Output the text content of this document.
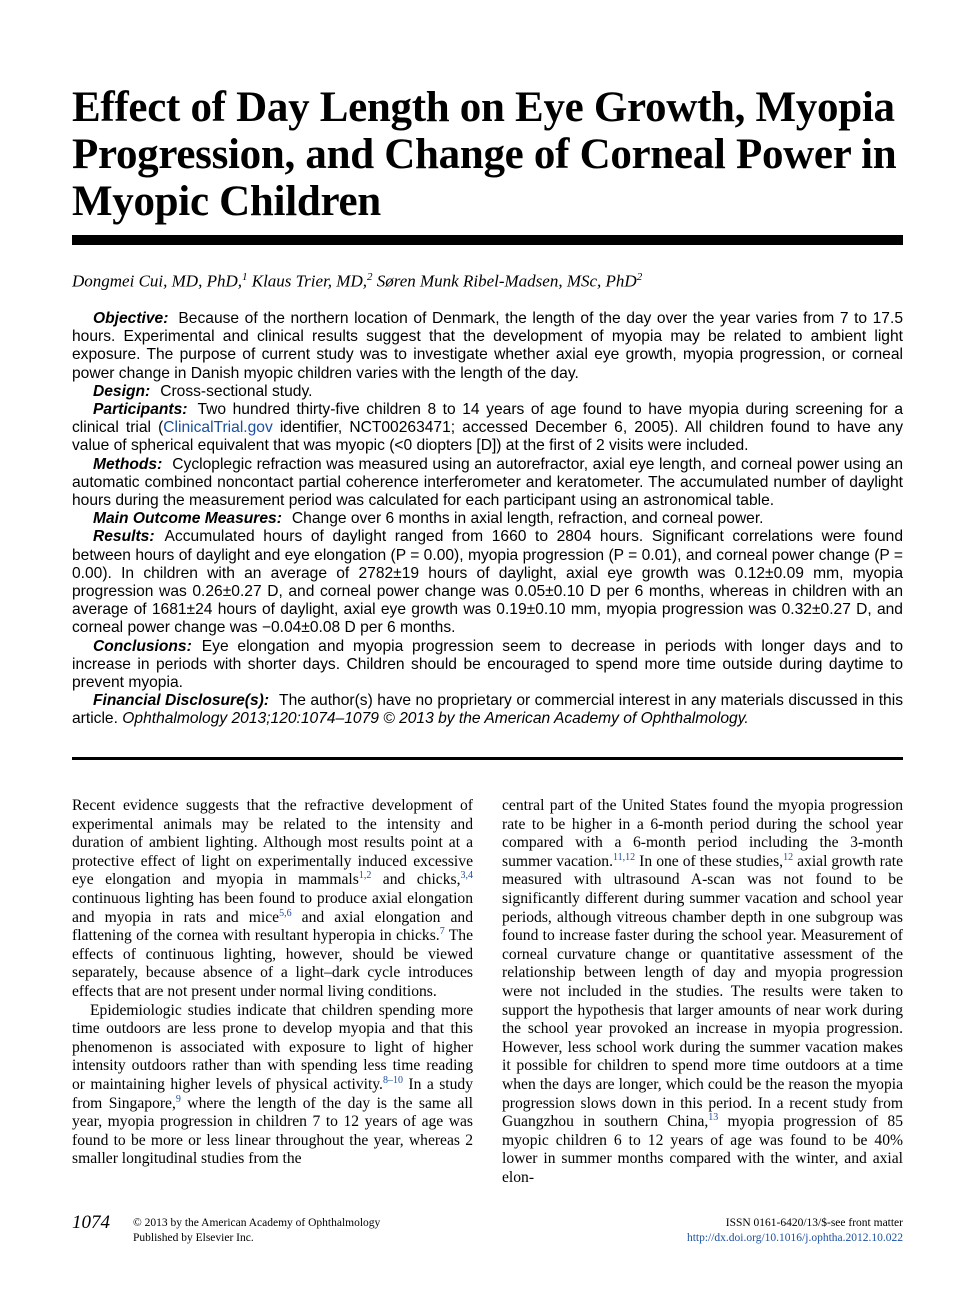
Effect of Day Length on Eye Growth, Myopia Progression, and Change of Corneal Power in Myopic Children
Dongmei Cui, MD, PhD,$^1$ Klaus Trier, MD,$^2$ Søren Munk Ribel-Madsen, MSc, PhD$^2$

Objective: Because of the northern location of Denmark, the length of the day over the year varies from 7 to 17.5 hours. Experimental and clinical results suggest that the development of myopia may be related to ambient light exposure. The purpose of current study was to investigate whether axial eye growth, myopia progression, or corneal power change in Danish myopic children varies with the length of the day.

Design: Cross-sectional study.

Participants: Two hundred thirty-five children 8 to 14 years of age found to have myopia during screening for a clinical trial (ClinicalTrial.gov identifier, NCT00263471; accessed December 6, 2005). All children found to have any value of spherical equivalent that was myopic (<0 diopters [D]) at the first of 2 visits were included.

Methods: Cycloplegic refraction was measured using an autorefractor, axial eye length, and corneal power using an automatic combined noncontact partial coherence interferometer and keratometer. The accumulated number of daylight hours during the measurement period was calculated for each participant using an astronomical table.

Main Outcome Measures: Change over 6 months in axial length, refraction, and corneal power.

Results: Accumulated hours of daylight ranged from 1660 to 2804 hours. Significant correlations were found between hours of daylight and eye elongation (P = 0.00), myopia progression (P = 0.01), and corneal power change (P = 0.00). In children with an average of 2782±19 hours of daylight, axial eye growth was 0.12±0.09 mm, myopia progression was 0.26±0.27 D, and corneal power change was 0.05±0.10 D per 6 months, whereas in children with an average of 1681±24 hours of daylight, axial eye growth was 0.19±0.10 mm, myopia progression was 0.32±0.27 D, and corneal power change was −0.04±0.08 D per 6 months.

Conclusions: Eye elongation and myopia progression seem to decrease in periods with longer days and to increase in periods with shorter days. Children should be encouraged to spend more time outside during daytime to prevent myopia.

Financial Disclosure(s): The author(s) have no proprietary or commercial interest in any materials discussed in this article. Ophthalmology 2013;120:1074–1079 © 2013 by the American Academy of Ophthalmology.

Recent evidence suggests that the refractive development of experimental animals may be related to the intensity and duration of ambient lighting. Although most results point at a protective effect of light on experimentally induced excessive eye elongation and myopia in mammals$^{1,2}$ and chicks,$^{3,4}$ continuous lighting has been found to produce axial elongation and myopia in rats and mice$^{5,6}$ and axial elongation and flattening of the cornea with resultant hyperopia in chicks.$^7$ The effects of continuous lighting, however, should be viewed separately, because absence of a light–dark cycle introduces effects that are not present under normal living conditions.

Epidemiologic studies indicate that children spending more time outdoors are less prone to develop myopia and that this phenomenon is associated with exposure to light of higher intensity outdoors rather than with spending less time reading or maintaining higher levels of physical activity.$^{8-10}$ In a study from Singapore,$^9$ where the length of the day is the same all year, myopia progression in children 7 to 12 years of age was found to be more or less linear throughout the year, whereas 2 smaller longitudinal studies from the

central part of the United States found the myopia progression rate to be higher in a 6-month period during the school year compared with a 6-month period including the 3-month summer vacation.$^{11,12}$ In one of these studies,$^{12}$ axial growth rate measured with ultrasound A-scan was not found to be significantly different during summer vacation and school year periods, although vitreous chamber depth in one subgroup was found to increase faster during the school year. Measurement of corneal curvature change or quantitative assessment of the relationship between length of day and myopia progression were not included in the studies. The results were taken to support the hypothesis that larger amounts of near work during the school year provoked an increase in myopia progression. However, less school work during the summer vacation makes it possible for children to spend more time outdoors at a time when the days are longer, which could be the reason the myopia progression slows down in this period. In a recent study from Guangzhou in southern China,$^{13}$ myopia progression of 85 myopic children 6 to 12 years of age was found to be 40% lower in summer months compared with the winter, and axial elon-

1074 © 2013 by the American Academy of Ophthalmology
Published by Elsevier Inc.
ISSN 0161-6420/13/$-see front matter
http://dx.doi.org/10.1016/j.ophtha.2012.10.022
